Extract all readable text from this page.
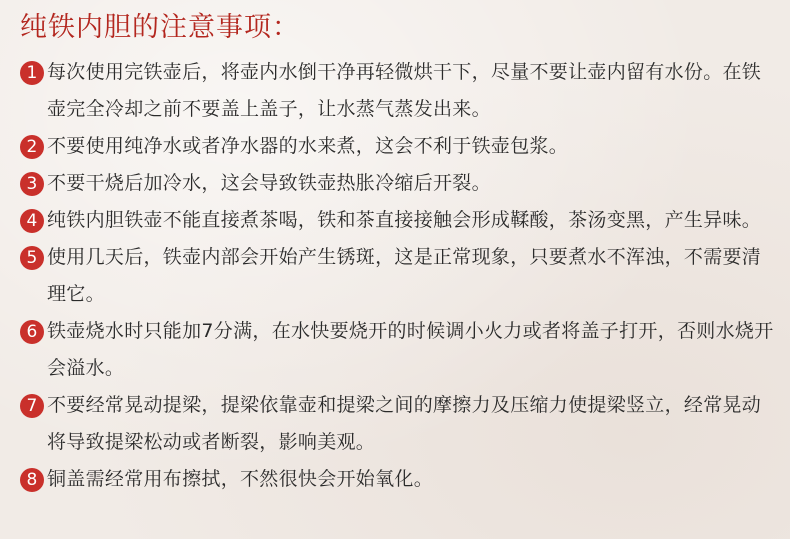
纯铁内胆的注意事项：
1 每次使用完铁壶后，将壶内水倒干净再轻微烘干下，尽量不要让壶内留有水份。在铁壶完全冷却之前不要盖上盖子，让水蒸气蒸发出来。
2 不要使用纯净水或者净水器的水来煮，这会不利于铁壶包浆。
3 不要干烧后加冷水，这会导致铁壶热胀冷缩后开裂。
4 纯铁内胆铁壶不能直接煮茶喝，铁和茶直接接触会形成鞣酸，茶汤变黑，产生异味。
5 使用几天后，铁壶内部会开始产生锈斑，这是正常现象，只要煮水不浑浊，不需要清理它。
6 铁壶烧水时只能加7分满，在水快要烧开的时候调小火力或者将盖子打开，否则水烧开会溢水。
7 不要经常晃动提梁，提梁依靠壶和提梁之间的摩擦力及压缩力使提梁竖立，经常晃动将导致提梁松动或者断裂，影响美观。
8 铜盖需经常用布擦拭，不然很快会开始氧化。
